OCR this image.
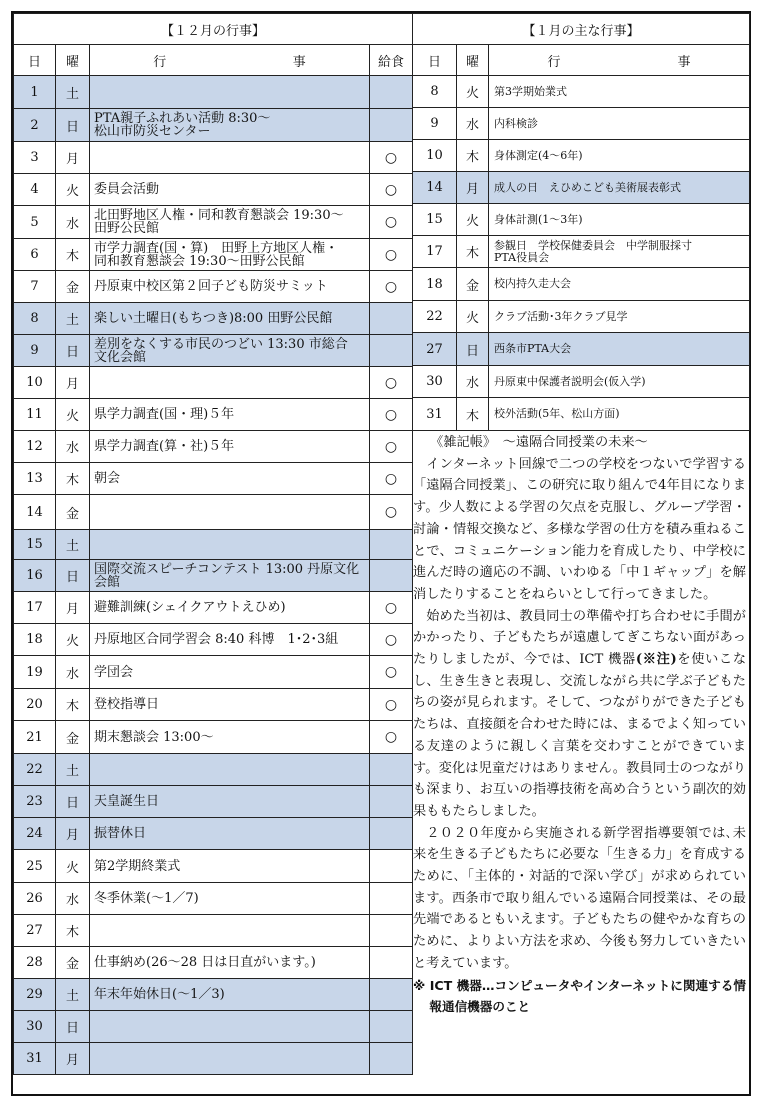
【１２月の行事】			
日	曜	行 事	給食
1	土	

2	日	PTA親子ふれあい活動 8:30～
松山市防災センター	

3	月		○
4	火	委員会活動	○
5	水	北田野地区人権・同和教育懇談会 19:30～
田野公民館	○
6	木	市学力調査(国・算)　田野上方地区人権・
同和教育懇談会 19:30～田野公民館	○
7	金	丹原東中校区第２回子ども防災サミット	○
8	土	楽しい土曜日(もちつき)8:00 田野公民館	

9	日	差別をなくする市民のつどい 13:30 市総合
文化会館	

10	月		○
11	火	県学力調査(国・理)５年	○
12	水	県学力調査(算・社)５年	○
13	木	朝会	○
14	金		○
15	土	

16	日	国際交流スピーチコンテスト 13:00 丹原文化
会館	

17	月	避難訓練(シェイクアウトえひめ)	○
18	火	丹原地区合同学習会 8:40 科博　1･2･3組	○
19	水	学団会	○
20	木	登校指導日	○
21	金	期末懇談会 13:00～	○
22	土	

23	日	天皇誕生日	

24	月	振替休日	

25	火	第2学期終業式	

26	水	冬季休業(～1／7)	

27	木	

28	金	仕事納め(26～28 日は日直がいます。)	

29	土	年末年始休日(～1／3)	

30	日	

31	月	

【１月の主な行事】		
日	曜	行 事

8	火	第3学期始業式

9	水	内科検診

10	木	身体測定(4～6年)

14	月	成人の日　えひめこども美術展表彰式

15	火	身体計測(1～3年)

17	木	参観日　学校保健委員会　中学制服採寸
PTA役員会

18	金	校内持久走大会

22	火	クラブ活動･3年クラブ見学

27	日	西条市PTA大会

30	水	丹原東中保護者説明会(仮入学)

31	木	校外活動(5年、松山方面)

《雑記帳》　～遠隔合同授業の未来～

インターネット回線で二つの学校をつないで学習する「遠隔合同授業」、この研究に取り組んで4年目になります。少人数による学習の欠点を克服し、グループ学習・討論・情報交換など、多様な学習の仕方を積み重ねることで、コミュニケーション能力を育成したり、中学校に進んだ時の適応の不調、いわゆる「中１ギャップ」を解消したりすることをねらいとして行ってきました。

始めた当初は、教員同士の準備や打ち合わせに手間がかかったり、子どもたちが遠慮してぎこちない面があったりしましたが、今では、ICT 機器(※注)を使いこなし、生き生きと表現し、交流しながら共に学ぶ子どもたちの姿が見られます。そして、つながりができた子どもたちは、直接顔を合わせた時には、まるでよく知っている友達のように親しく言葉を交わすことができています。変化は児童だけはありません。教員同士のつながりも深まり、お互いの指導技術を高め合うという副次的効果ももたらしました。

２０２０年度から実施される新学習指導要領では､未来を生きる子どもたちに必要な「生きる力」を育成するために､「主体的・対話的で深い学び」が求められています。西条市で取り組んでいる遠隔合同授業は、その最先端であるともいえます。子どもたちの健やかな育ちのために、よりよい方法を求め、今後も努力していきたいと考えています。

※ ICT 機器…コンピュータやインターネットに関連する情報通信機器のこと
